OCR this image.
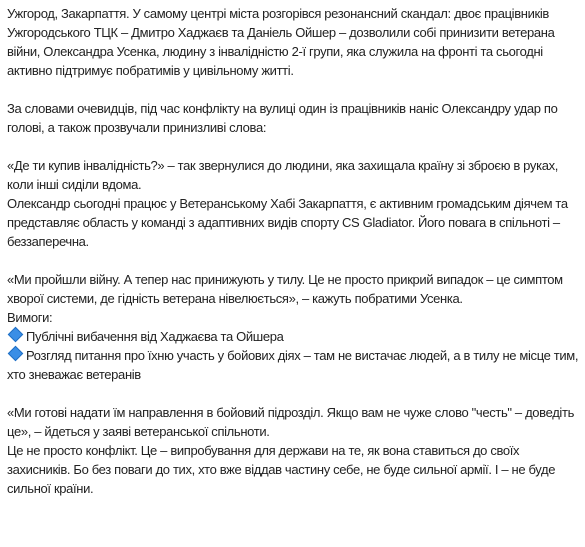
Ужгород, Закарпаття. У самому центрі міста розгорівся резонансний скандал: двоє працівників Ужгородського ТЦК – Дмитро Хаджаєв та Даніель Ойшер – дозволили собі принизити ветерана війни, Олександра Усенка, людину з інвалідністю 2-ї групи, яка служила на фронті та сьогодні активно підтримує побратимів у цивільному житті.

За словами очевидців, під час конфлікту на вулиці один із працівників наніс Олександру удар по голові, а також прозвучали принизливі слова:

«Де ти купив інвалідність?» – так звернулися до людини, яка захищала країну зі зброєю в руках, коли інші сиділи вдома.

Олександр сьогодні працює у Ветеранському Хабі Закарпаття, є активним громадським діячем та представляє область у команді з адаптивних видів спорту CS Gladiator. Його повага в спільноті – беззаперечна.

«Ми пройшли війну. А тепер нас принижують у тилу. Це не просто прикрий випадок – це симптом хворої системи, де гідність ветерана нівелюється», – кажуть побратими Усенка.

Вимоги:

Публічні вибачення від Хаджаєва та Ойшера
Розгляд питання про їхню участь у бойових діях – там не вистачає людей, а в тилу не місце тим, хто зневажає ветеранів

«Ми готові надати їм направлення в бойовий підрозділ. Якщо вам не чуже слово "честь" – доведіть це», – йдеться у заяві ветеранської спільноти.

Це не просто конфлікт. Це – випробування для держави на те, як вона ставиться до своїх захисників. Бо без поваги до тих, хто вже віддав частину себе, не буде сильної армії. І – не буде сильної країни.
